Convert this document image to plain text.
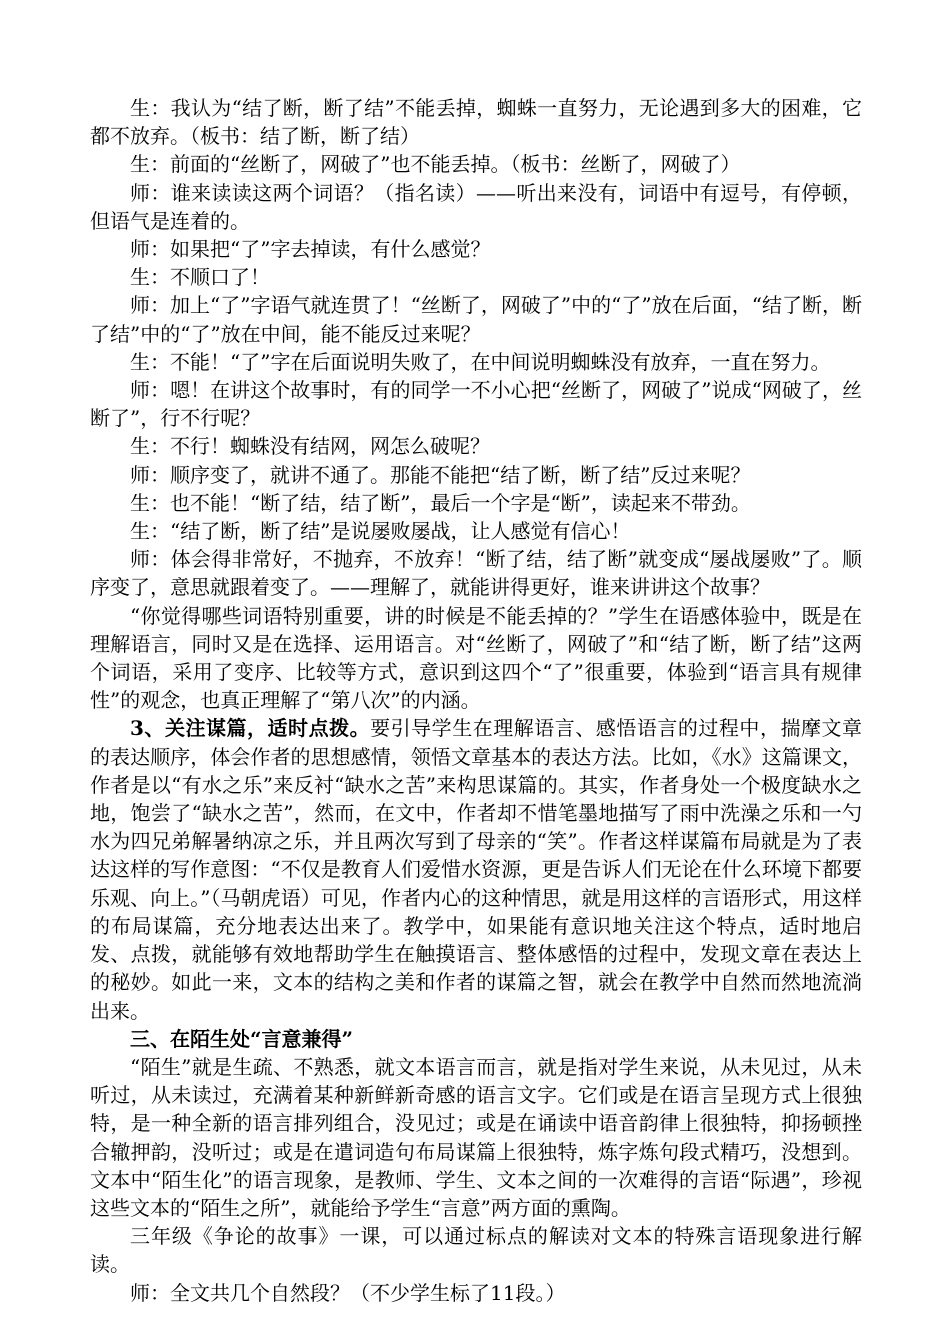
生：我认为“结了断，断了结”不能丢掉，蜘蛛一直努力，无论遇到多大的困难，它都不放弃。（板书：结了断，断了结）

生：前面的“丝断了，网破了”也不能丢掉。（板书：丝断了，网破了）

师：谁来读读这两个词语？（指名读）——听出来没有，词语中有逗号，有停顿，但语气是连着的。

师：如果把“了”字去掉读，有什么感觉？

生：不顺口了！

师：加上“了”字语气就连贯了！“丝断了，网破了”中的“了”放在后面，“结了断，断了结”中的“了”放在中间，能不能反过来呢？

生：不能！“了”字在后面说明失败了，在中间说明蜘蛛没有放弃，一直在努力。

师：嗯！在讲这个故事时，有的同学一不小心把“丝断了，网破了”说成“网破了，丝断了”，行不行呢？

生：不行！蜘蛛没有结网，网怎么破呢？

师：顺序变了，就讲不通了。那能不能把“结了断，断了结”反过来呢？

生：也不能！“断了结，结了断”，最后一个字是“断”，读起来不带劲。

生：“结了断，断了结”是说屡败屡战，让人感觉有信心！

师：体会得非常好，不抛弃，不放弃！“断了结，结了断”就变成“屡战屡败”了。顺序变了，意思就跟着变了。——理解了，就能讲得更好，谁来讲讲这个故事？

“你觉得哪些词语特别重要，讲的时候是不能丢掉的？”学生在语感体验中，既是在理解语言，同时又是在选择、运用语言。对“丝断了，网破了”和“结了断，断了结”这两个词语，采用了变序、比较等方式，意识到这四个“了”很重要，体验到“语言具有规律性”的观念，也真正理解了“第八次”的内涵。

3、关注谋篇，适时点拨。要引导学生在理解语言、感悟语言的过程中，揣摩文章的表达顺序，体会作者的思想感情，领悟文章基本的表达方法。比如，《水》这篇课文，作者是以“有水之乐”来反衬“缺水之苦”来构思谋篇的。其实，作者身处一个极度缺水之地，饱尝了“缺水之苦”，然而，在文中，作者却不惜笔墨地描写了雨中洗澡之乐和一勺水为四兄弟解暑纳凉之乐，并且两次写到了母亲的“笑”。作者这样谋篇布局就是为了表达这样的写作意图：“不仅是教育人们爱惜水资源，更是告诉人们无论在什么环境下都要乐观、向上。”（马朝虎语）可见，作者内心的这种情思，就是用这样的言语形式，用这样的布局谋篇，充分地表达出来了。教学中，如果能有意识地关注这个特点，适时地启发、点拨，就能够有效地帮助学生在触摸语言、整体感悟的过程中，发现文章在表达上的秘妙。如此一来，文本的结构之美和作者的谋篇之智，就会在教学中自然而然地流淌出来。

三、在陌生处“言意兼得”

“陌生”就是生疏、不熟悉，就文本语言而言，就是指对学生来说，从未见过，从未听过，从未读过，充满着某种新鲜新奇感的语言文字。它们或是在语言呈现方式上很独特，是一种全新的语言排列组合，没见过；或是在诵读中语音韵律上很独特，抑扬顿挫合辙押韵，没听过；或是在遣词造句布局谋篇上很独特，炼字炼句段式精巧，没想到。文本中“陌生化”的语言现象，是教师、学生、文本之间的一次难得的言语“际遇”，珍视这些文本的“陌生之所”，就能给予学生“言意”两方面的熏陶。

三年级《争论的故事》一课，可以通过标点的解读对文本的特殊言语现象进行解读。

师：全文共几个自然段？（不少学生标了11段。）
